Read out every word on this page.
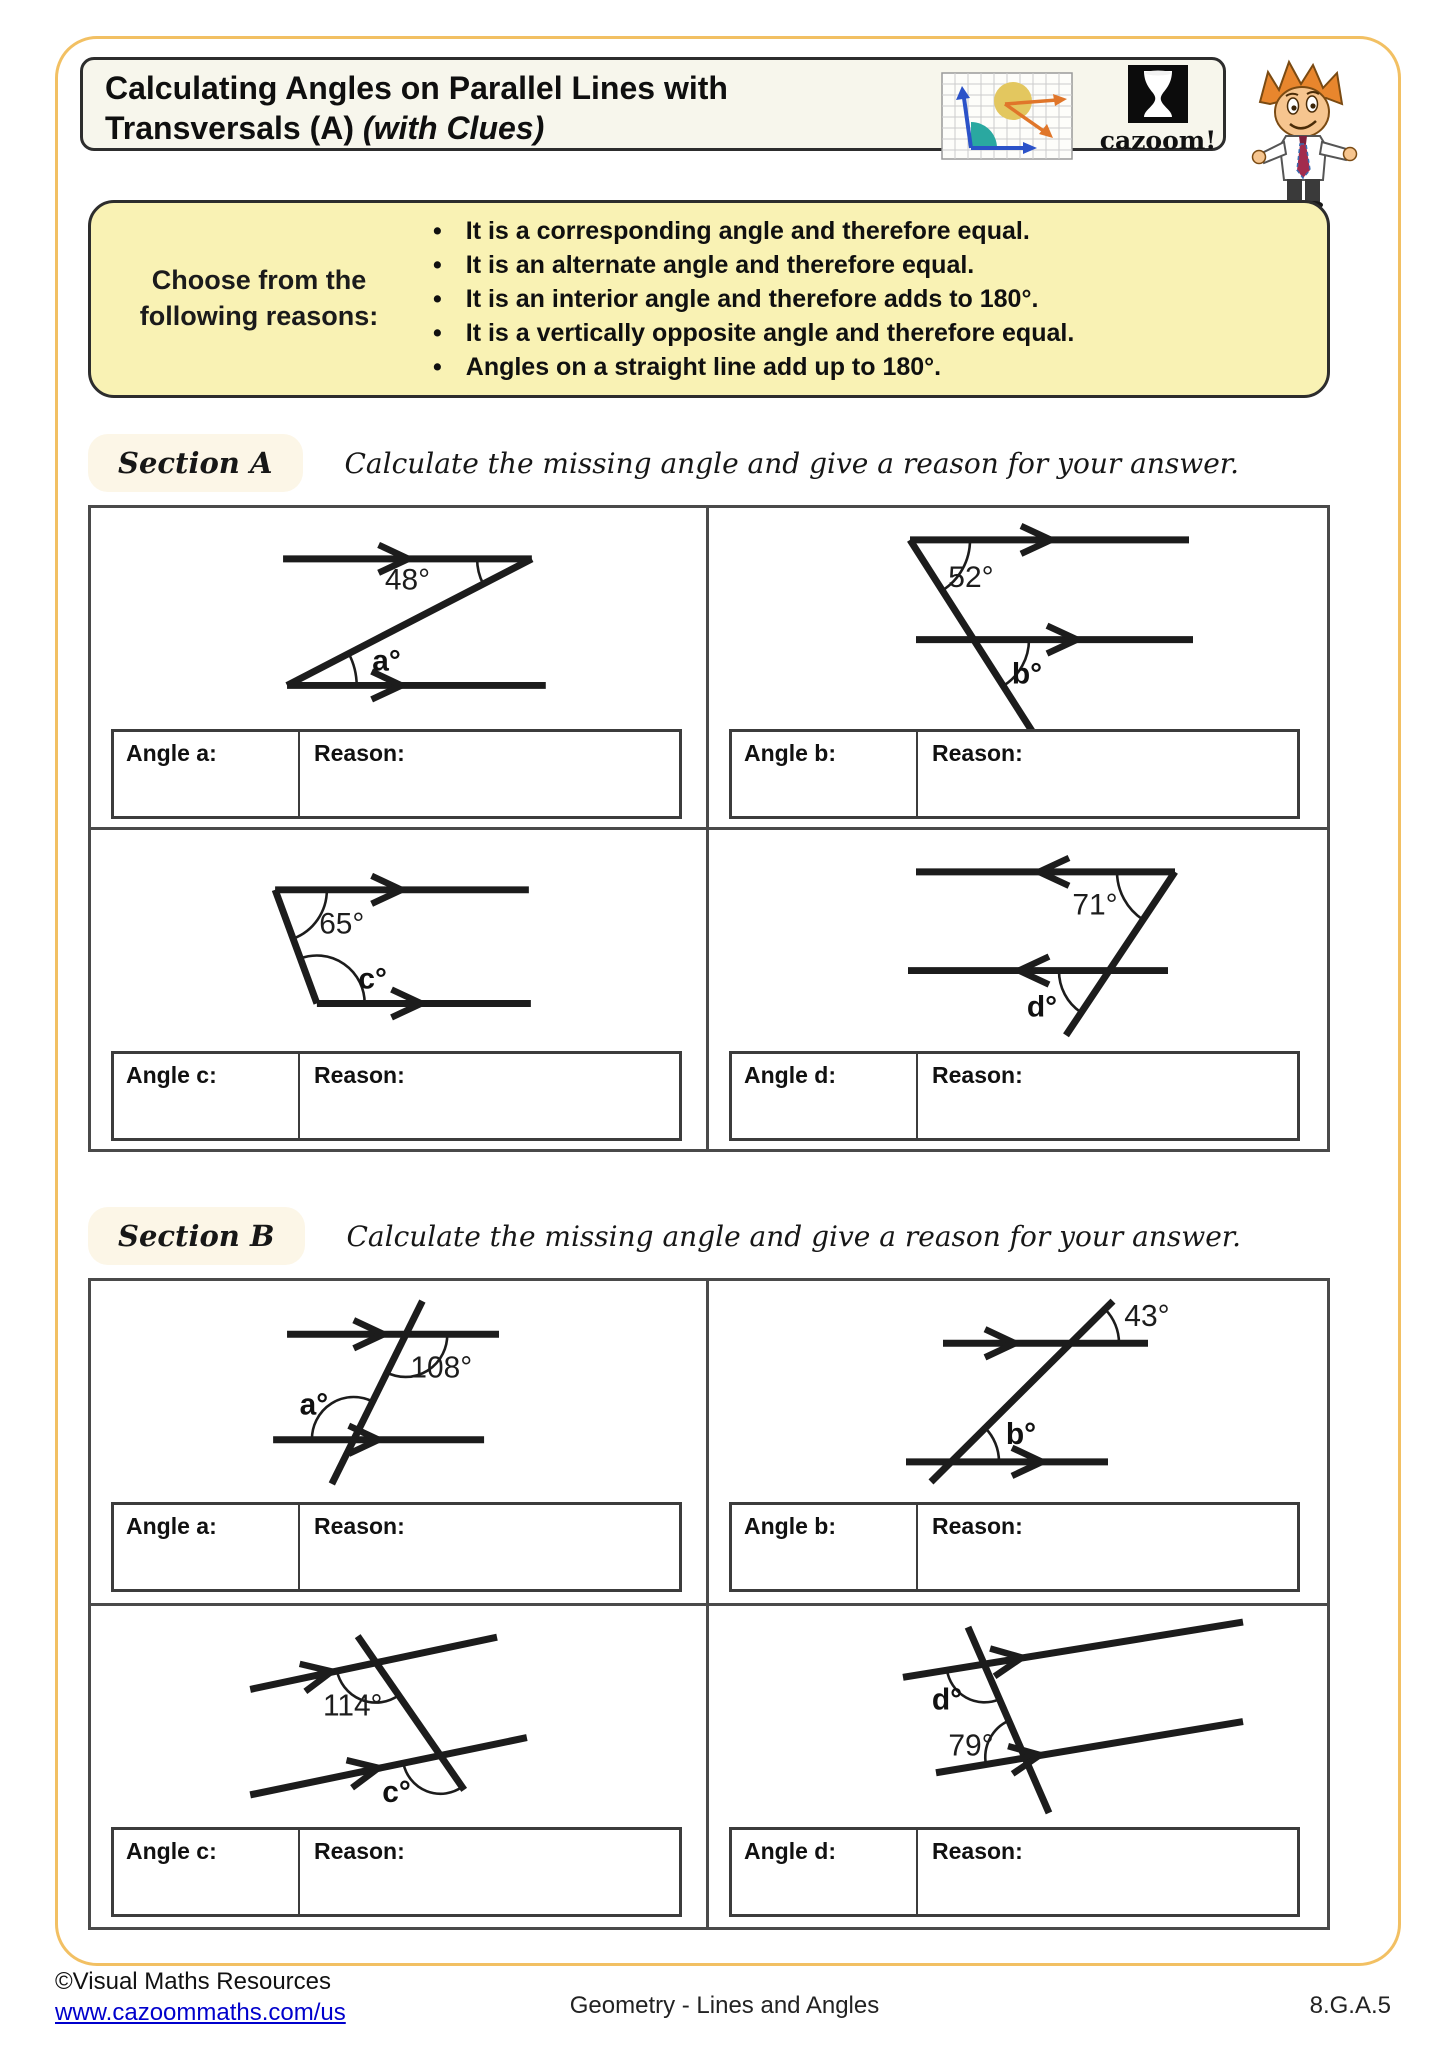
Calculating Angles on Parallel Lines with
Transversals (A) (with Clues)	cazoom!
Choose from the following reasons:
• It is a corresponding angle and therefore equal.
• It is an alternate angle and therefore equal.
• It is an interior angle and therefore adds to 180°.
• It is a vertically opposite angle and therefore equal.
• Angles on a straight line add up to 180°.
Section A	Calculate the missing angle and give a reason for your answer.
48°
a°
Angle a:	Reason:
52°
b°
Angle b:	Reason:
65°
c°
Angle c:	Reason:
71°
d°
Angle d:	Reason:
Section B	Calculate the missing angle and give a reason for your answer.
108°
a°
Angle a:	Reason:
43°
b°
Angle b:	Reason:
114°
c°
Angle c:	Reason:
d°
79°
Angle d:	Reason:
©Visual Maths Resources
www.cazoommaths.com/us	Geometry - Lines and Angles	8.G.A.5
